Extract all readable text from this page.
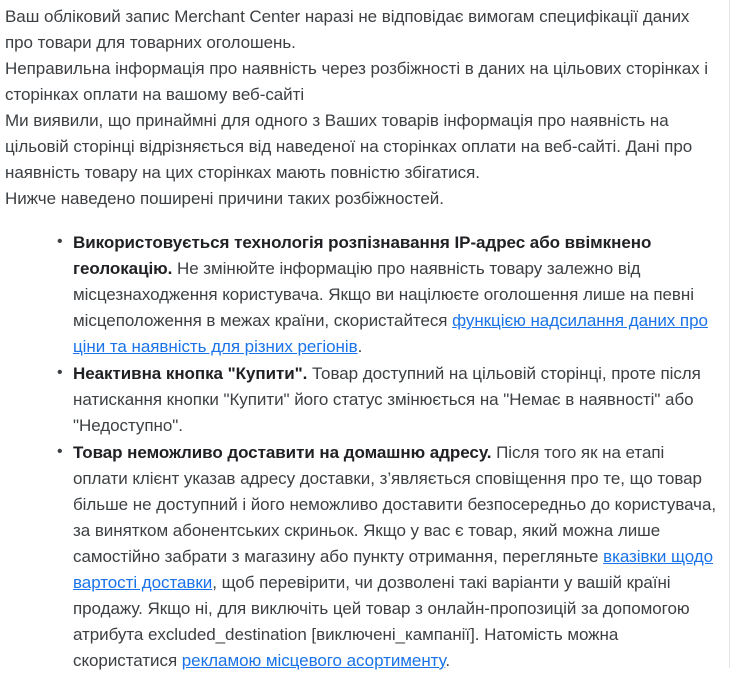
Ваш обліковий запис Merchant Center наразі не відповідає вимогам специфікації даних про товари для товарних оголошень.

Неправильна інформація про наявність через розбіжності в даних на цільових сторінках і сторінках оплати на вашому веб-сайті

Ми виявили, що принаймні для одного з Ваших товарів інформація про наявність на цільовій сторінці відрізняється від наведеної на сторінках оплати на веб-сайті. Дані про наявність товару на цих сторінках мають повністю збігатися.

Нижче наведено поширені причини таких розбіжностей.

• Використовується технологія розпізнавання IP-адрес або ввімкнено геолокацію. Не змінюйте інформацію про наявність товару залежно від місцезнаходження користувача. Якщо ви націлюєте оголошення лише на певні місцеположення в межах країни, скористайтеся функцією надсилання даних про ціни та наявність для різних регіонів.
• Неактивна кнопка "Купити". Товар доступний на цільовій сторінці, проте після натискання кнопки "Купити" його статус змінюється на "Немає в наявності" або "Недоступно".
• Товар неможливо доставити на домашню адресу. Після того як на етапі оплати клієнт указав адресу доставки, з’являється сповіщення про те, що товар більше не доступний і його неможливо доставити безпосередньо до користувача, за винятком абонентських скриньок. Якщо у вас є товар, який можна лише самостійно забрати з магазину або пункту отримання, перегляньте вказівки щодо вартості доставки, щоб перевірити, чи дозволені такі варіанти у вашій країні продажу. Якщо ні, для виключіть цей товар з онлайн-пропозицій за допомогою атрибута excluded_destination [виключені_кампанії]. Натомість можна скористатися рекламою місцевого асортименту.
